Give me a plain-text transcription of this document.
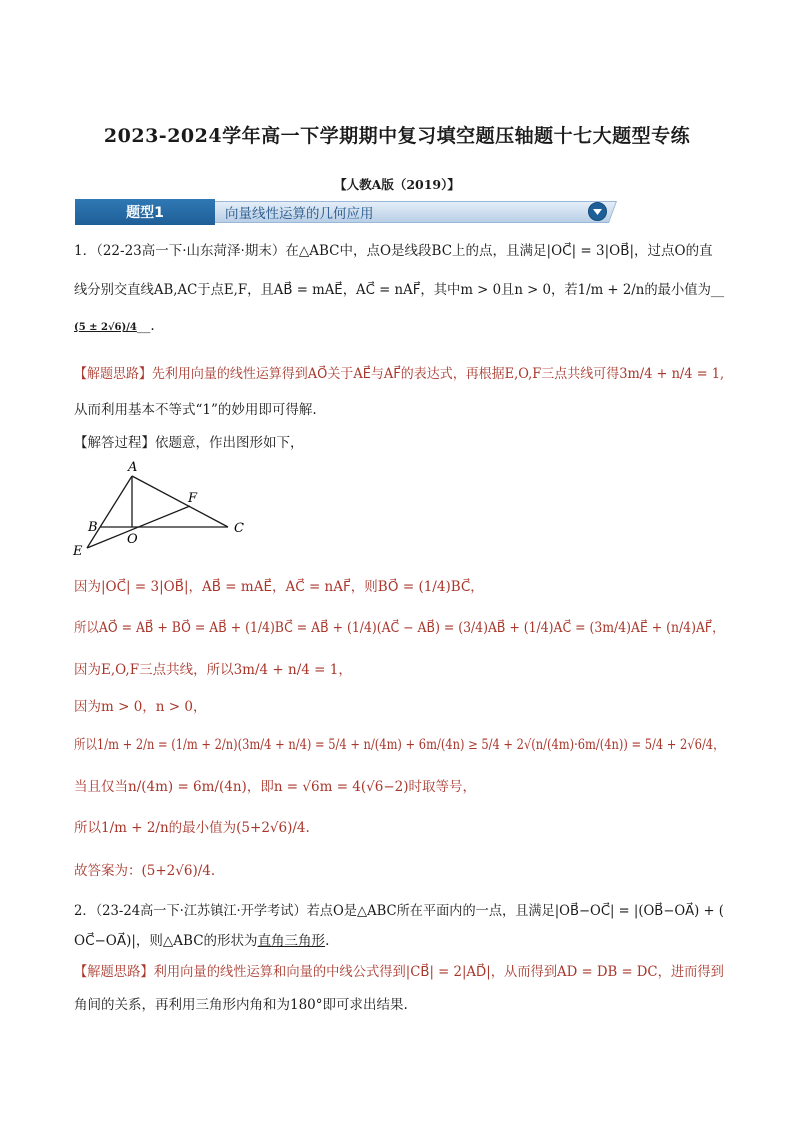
2023-2024学年高一下学期期中复习填空题压轴题十七大题型专练
【人教A版（2019）】
题型1	向量线性运算的几何应用
1．（22-23高一下·山东菏泽·期末）在△ABC中，点O是线段BC上的点，且满足|OC⃗| = 3|OB⃗|，过点O的直
线分别交直线AB,AC于点E,F，且AB⃗ = mAE⃗，AC⃗ = nAF⃗，其中m > 0且n > 0，若1/m + 2/n的最小值为__
(5 ± 2√6)/4__.
【解题思路】先利用向量的线性运算得到AO⃗关于AE⃗与AF⃗的表达式，再根据E,O,F三点共线可得3m/4 + n/4 = 1,
从而利用基本不等式“1”的妙用即可得解.
【解答过程】依题意，作出图形如下，
A
B	C
E
F
O
因为|OC⃗| = 3|OB⃗|，AB⃗ = mAE⃗，AC⃗ = nAF⃗，则BO⃗ = (1/4)BC⃗，
所以AO⃗ = AB⃗ + BO⃗ = AB⃗ + (1/4)BC⃗ = AB⃗ + (1/4)(AC⃗ − AB⃗) = (3/4)AB⃗ + (1/4)AC⃗ = (3m/4)AE⃗ + (n/4)AF⃗，
因为E,O,F三点共线，所以3m/4 + n/4 = 1，
因为m > 0，n > 0，
所以1/m + 2/n = (1/m + 2/n)(3m/4 + n/4) = 5/4 + n/(4m) + 6m/(4n) ≥ 5/4 + 2√(n/(4m)·6m/(4n)) = 5/4 + 2√6/4，
当且仅当n/(4m) = 6m/(4n)，即n = √6m = 4(√6−2)时取等号，
所以1/m + 2/n的最小值为(5+2√6)/4.
故答案为：(5+2√6)/4.
2．（23-24高一下·江苏镇江·开学考试）若点O是△ABC所在平面内的一点，且满足|OB⃗−OC⃗| = |(OB⃗−OA⃗) + (
OC⃗−OA⃗)|，则△ABC的形状为直角三角形.
【解题思路】利用向量的线性运算和向量的中线公式得到|CB⃗| = 2|AD⃗|，从而得到AD = DB = DC，进而得到
角间的关系，再利用三角形内角和为180°即可求出结果.
